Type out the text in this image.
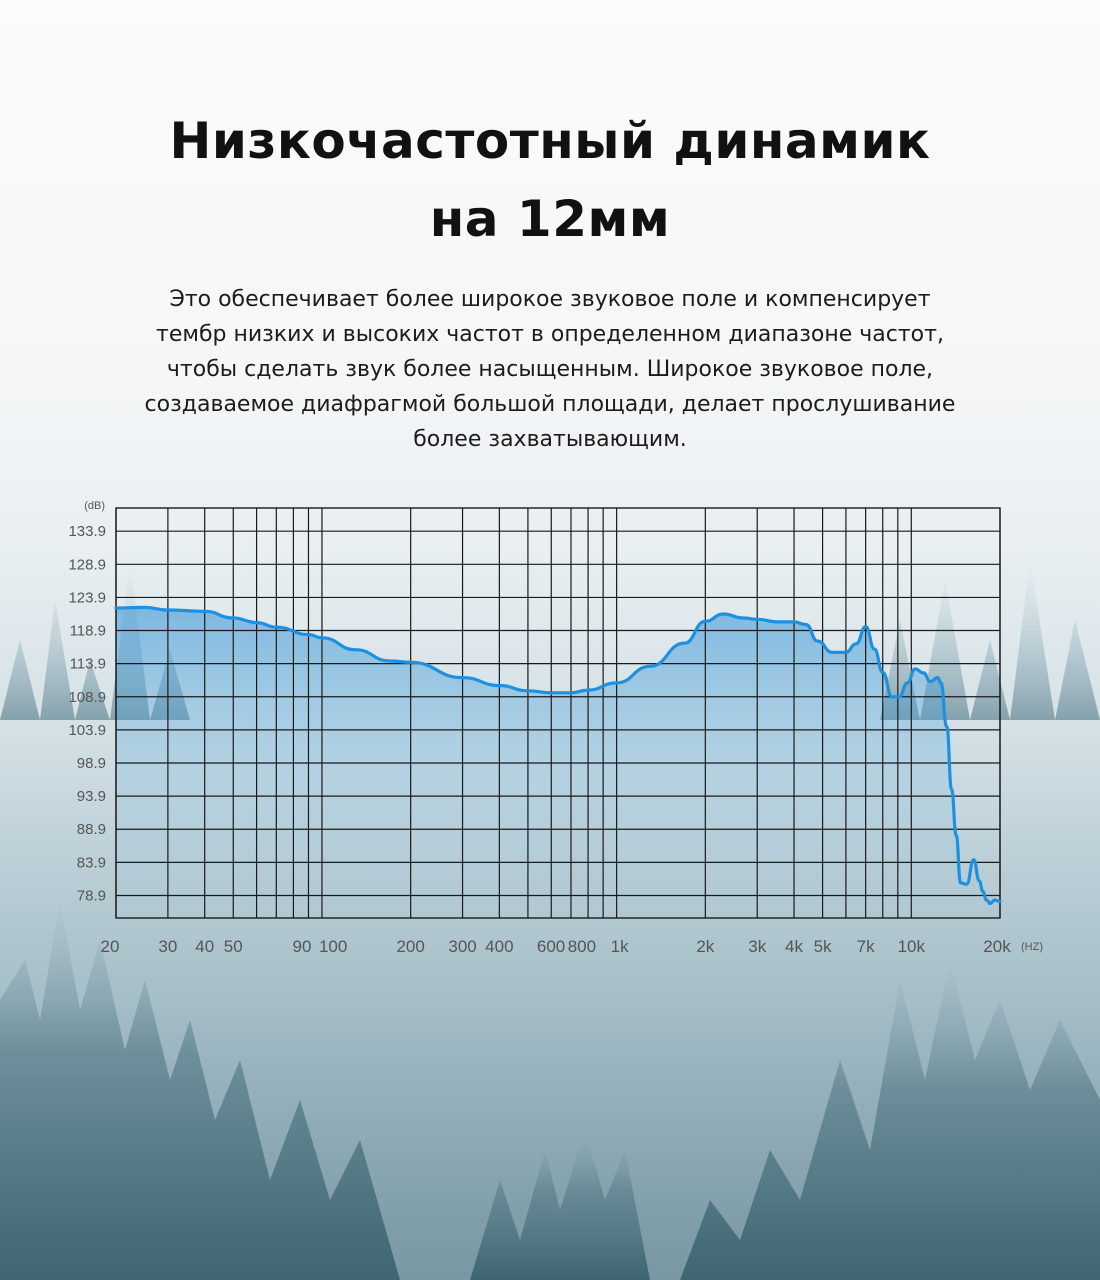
Низкочастотный динамик
на 12мм
Это обеспечивает более широкое звуковое поле и компенсирует
тембр низких и высоких частот в определенном диапазоне частот,
чтобы сделать звук более насыщенным. Широкое звуковое поле,
создаваемое диафрагмой большой площади, делает прослушивание
более захватывающим.
133.9
128.9
123.9
118.9
113.9
108.9
103.9
98.9
93.9
88.9
83.9
78.9
20 30 40 50	90 100	200 300 400 600 800 1k	2k 3k 4k 5k 7k 10k	20k
(dB)
(HZ)
